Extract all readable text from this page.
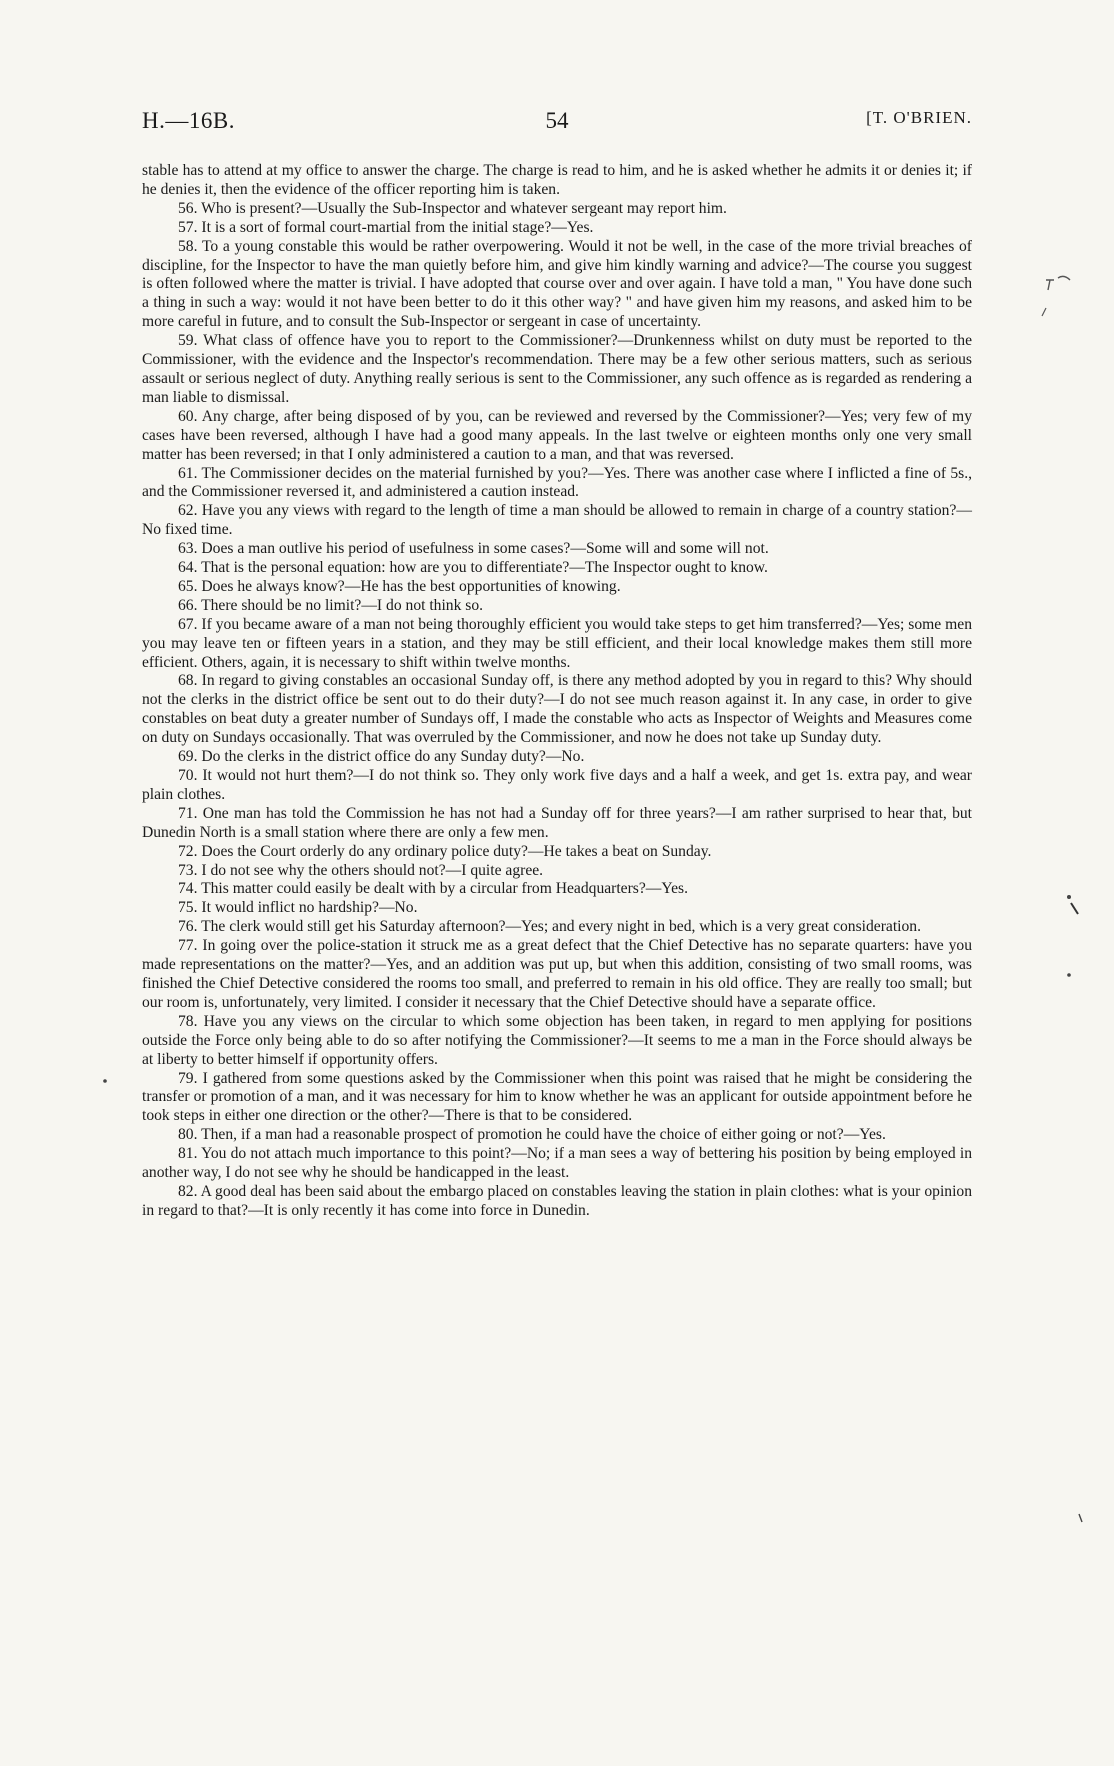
H.—16B.	54	[T. O'BRIEN.

stable has to attend at my office to answer the charge. The charge is read to him, and he is asked whether he admits it or denies it; if he denies it, then the evidence of the officer reporting him is taken.

56. Who is present?—Usually the Sub-Inspector and whatever sergeant may report him.

57. It is a sort of formal court-martial from the initial stage?—Yes.

58. To a young constable this would be rather overpowering. Would it not be well, in the case of the more trivial breaches of discipline, for the Inspector to have the man quietly before him, and give him kindly warning and advice?—The course you suggest is often followed where the matter is trivial. I have adopted that course over and over again. I have told a man, " You have done such a thing in such a way: would it not have been better to do it this other way? " and have given him my reasons, and asked him to be more careful in future, and to consult the Sub-Inspector or sergeant in case of uncertainty.

59. What class of offence have you to report to the Commissioner?—Drunkenness whilst on duty must be reported to the Commissioner, with the evidence and the Inspector's recommendation. There may be a few other serious matters, such as serious assault or serious neglect of duty. Anything really serious is sent to the Commissioner, any such offence as is regarded as rendering a man liable to dismissal.

60. Any charge, after being disposed of by you, can be reviewed and reversed by the Commissioner?—Yes; very few of my cases have been reversed, although I have had a good many appeals. In the last twelve or eighteen months only one very small matter has been reversed; in that I only administered a caution to a man, and that was reversed.

61. The Commissioner decides on the material furnished by you?—Yes. There was another case where I inflicted a fine of 5s., and the Commissioner reversed it, and administered a caution instead.

62. Have you any views with regard to the length of time a man should be allowed to remain in charge of a country station?—No fixed time.

63. Does a man outlive his period of usefulness in some cases?—Some will and some will not.

64. That is the personal equation: how are you to differentiate?—The Inspector ought to know.

65. Does he always know?—He has the best opportunities of knowing.

66. There should be no limit?—I do not think so.

67. If you became aware of a man not being thoroughly efficient you would take steps to get him transferred?—Yes; some men you may leave ten or fifteen years in a station, and they may be still efficient, and their local knowledge makes them still more efficient. Others, again, it is necessary to shift within twelve months.

68. In regard to giving constables an occasional Sunday off, is there any method adopted by you in regard to this? Why should not the clerks in the district office be sent out to do their duty?—I do not see much reason against it. In any case, in order to give constables on beat duty a greater number of Sundays off, I made the constable who acts as Inspector of Weights and Measures come on duty on Sundays occasionally. That was overruled by the Commissioner, and now he does not take up Sunday duty.

69. Do the clerks in the district office do any Sunday duty?—No.

70. It would not hurt them?—I do not think so. They only work five days and a half a week, and get 1s. extra pay, and wear plain clothes.

71. One man has told the Commission he has not had a Sunday off for three years?—I am rather surprised to hear that, but Dunedin North is a small station where there are only a few men.

72. Does the Court orderly do any ordinary police duty?—He takes a beat on Sunday.

73. I do not see why the others should not?—I quite agree.

74. This matter could easily be dealt with by a circular from Headquarters?—Yes.

75. It would inflict no hardship?—No.

76. The clerk would still get his Saturday afternoon?—Yes; and every night in bed, which is a very great consideration.

77. In going over the police-station it struck me as a great defect that the Chief Detective has no separate quarters: have you made representations on the matter?—Yes, and an addition was put up, but when this addition, consisting of two small rooms, was finished the Chief Detective considered the rooms too small, and preferred to remain in his old office. They are really too small; but our room is, unfortunately, very limited. I consider it necessary that the Chief Detective should have a separate office.

78. Have you any views on the circular to which some objection has been taken, in regard to men applying for positions outside the Force only being able to do so after notifying the Commissioner?—It seems to me a man in the Force should always be at liberty to better himself if opportunity offers.

79. I gathered from some questions asked by the Commissioner when this point was raised that he might be considering the transfer or promotion of a man, and it was necessary for him to know whether he was an applicant for outside appointment before he took steps in either one direction or the other?—There is that to be considered.

80. Then, if a man had a reasonable prospect of promotion he could have the choice of either going or not?—Yes.

81. You do not attach much importance to this point?—No; if a man sees a way of bettering his position by being employed in another way, I do not see why he should be handicapped in the least.

82. A good deal has been said about the embargo placed on constables leaving the station in plain clothes: what is your opinion in regard to that?—It is only recently it has come into force in Dunedin.
